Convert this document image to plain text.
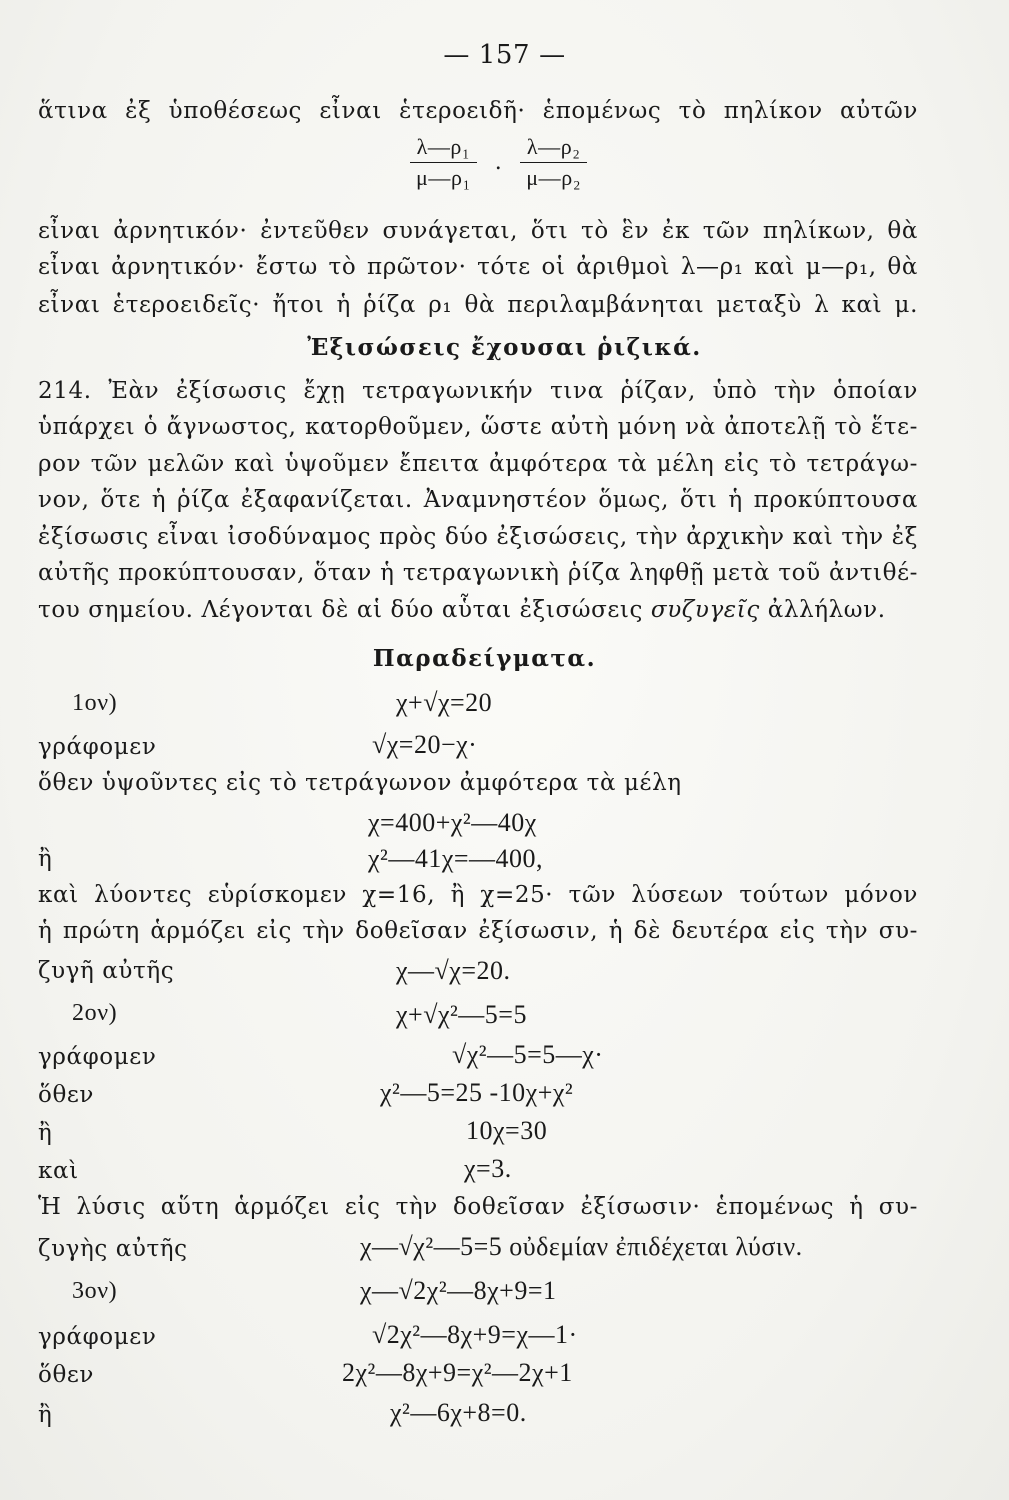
— 157 —
ἅτινα ἐξ ὑποθέσεως εἶναι ἑτεροειδῆ· ἑπομένως τὸ πηλίκον αὐτῶν
$\frac{\text{λ—ρ₁}}{\text{μ—ρ₁}}$ . $\frac{\text{λ—ρ₂}}{\text{μ—ρ₂}}$
εἶναι ἀρνητικόν· ἐντεῦθεν συνάγεται, ὅτι τὸ ἓν ἐκ τῶν πηλίκων, θὰ
εἶναι ἀρνητικόν· ἔστω τὸ πρῶτον· τότε οἱ ἀριθμοὶ λ—ρ₁ καὶ μ—ρ₁, θὰ
εἶναι ἑτεροειδεῖς· ἤτοι ἡ ῥίζα ρ₁ θὰ περιλαμβάνηται μεταξὺ λ καὶ μ.
Ἐξισώσεις ἔχουσαι ῥιζικά.
214. Ἐὰν ἐξίσωσις ἔχῃ τετραγωνικήν τινα ῥίζαν, ὑπὸ τὴν ὁποίαν
ὑπάρχει ὁ ἄγνωστος, κατορθοῦμεν, ὥστε αὐτὴ μόνη νὰ ἀποτελῇ τὸ ἕτε-
ρον τῶν μελῶν καὶ ὑψοῦμεν ἔπειτα ἀμφότερα τὰ μέλη εἰς τὸ τετράγω-
νον, ὅτε ἡ ῥίζα ἐξαφανίζεται. Ἀναμνηστέον ὅμως, ὅτι ἡ προκύπτουσα
ἐξίσωσις εἶναι ἰσοδύναμος πρὸς δύο ἐξισώσεις, τὴν ἀρχικὴν καὶ τὴν ἐξ
αὐτῆς προκύπτουσαν, ὅταν ἡ τετραγωνικὴ ῥίζα ληφθῇ μετὰ τοῦ ἀντιθέ-
του σημείου. Λέγονται δὲ αἱ δύο αὗται ἐξισώσεις συζυγεῖς ἀλλήλων.
Παραδείγματα.
1ον)	χ+√χ=20
γράφομεν	√χ=20−χ·
ὅθεν ὑψοῦντες εἰς τὸ τετράγωνον ἀμφότερα τὰ μέλη
χ=400+χ²—40χ
ἢ	χ²—41χ=—400,
καὶ λύοντες εὑρίσκομεν χ=16, ἢ χ=25· τῶν λύσεων τούτων μόνον
ἡ πρώτη ἁρμόζει εἰς τὴν δοθεῖσαν ἐξίσωσιν, ἡ δὲ δευτέρα εἰς τὴν συ-
ζυγῆ αὐτῆς	χ—√χ=20.
2ον)	χ+√χ²—5=5
γράφομεν	√χ²—5=5—χ·
ὅθεν	χ²—5=25 -10χ+χ²
ἢ	10χ=30
καὶ	χ=3.
Ἡ λύσις αὕτη ἁρμόζει εἰς τὴν δοθεῖσαν ἐξίσωσιν· ἑπομένως ἡ συ-
ζυγὴς αὐτῆς	χ—√χ²—5=5 οὐδεμίαν ἐπιδέχεται λύσιν.
3ον)	χ—√2χ²—8χ+9=1
γράφομεν	√2χ²—8χ+9=χ—1·
ὅθεν	2χ²—8χ+9=χ²—2χ+1
ἢ	χ²—6χ+8=0.
